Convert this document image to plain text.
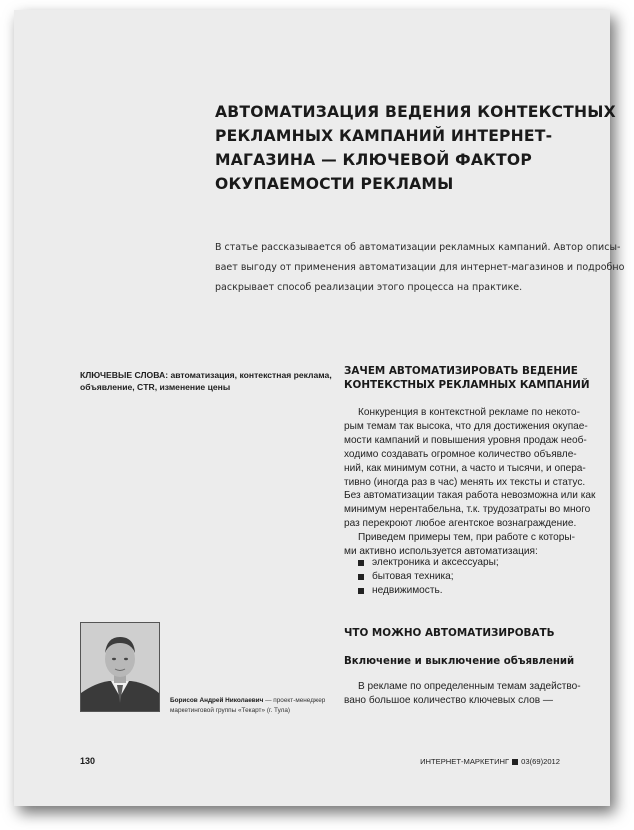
АВТОМАТИЗАЦИЯ ВЕДЕНИЯ КОНТЕКСТНЫХ
РЕКЛАМНЫХ КАМПАНИЙ ИНТЕРНЕТ-
МАГАЗИНА — КЛЮЧЕВОЙ ФАКТОР
ОКУПАЕМОСТИ РЕКЛАМЫ
В статье рассказывается об автоматизации рекламных кампаний. Автор описы-
вает выгоду от применения автоматизации для интернет-магазинов и подробно
раскрывает способ реализации этого процесса на практике.
КЛЮЧЕВЫЕ СЛОВА: автоматизация, контекстная реклама,
объявление, CTR, изменение цены
ЗАЧЕМ АВТОМАТИЗИРОВАТЬ ВЕДЕНИЕ
КОНТЕКСТНЫХ РЕКЛАМНЫХ КАМПАНИЙ
Конкуренция в контекстной рекламе по некото-
рым темам так высока, что для достижения окупае-
мости кампаний и повышения уровня продаж необ-
ходимо создавать огромное количество объявле-
ний, как минимум сотни, а часто и тысячи, и опера-
тивно (иногда раз в час) менять их тексты и статус.
Без автоматизации такая работа невозможна или как
минимум нерентабельна, т.к. трудозатраты во много
раз перекроют любое агентское вознаграждение.
Приведем примеры тем, при работе с которы-
ми активно используется автоматизация:
электроника и аксессуары;
бытовая техника;
недвижимость.
ЧТО МОЖНО АВТОМАТИЗИРОВАТЬ
Включение и выключение объявлений
В рекламе по определенным темам задейство-
вано большое количество ключевых слов —
Борисов Андрей Николаевич — проект-менеджер
маркетинговой группы «Текарт» (г. Тула)
130	ИНТЕРНЕТ-МАРКЕТИНГ 03(69)2012
